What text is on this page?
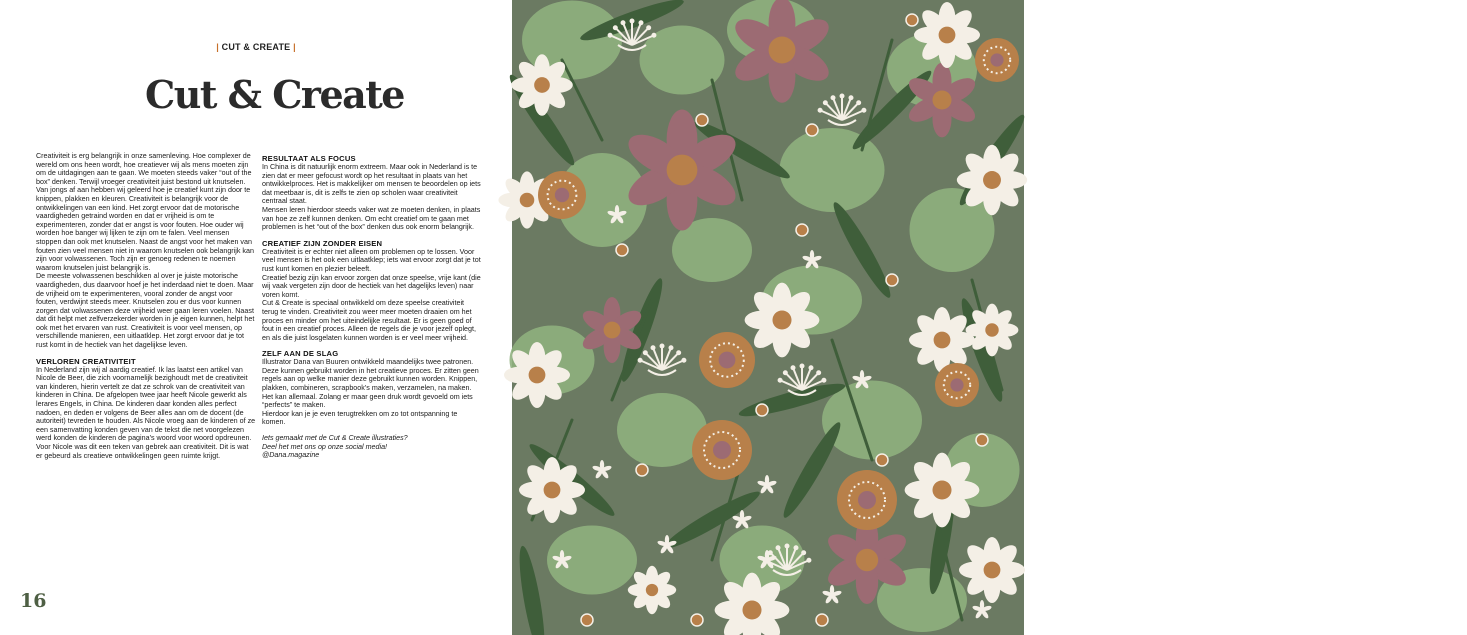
| CUT & CREATE |
Cut & Create

Creativiteit is erg belangrijk in onze samenleving. Hoe complexer de wereld om ons heen wordt, hoe creatiever wij als mens moeten zijn om de uitdagingen aan te gaan. We moeten steeds vaker “out of the box” denken. Terwijl vroeger creativiteit juist bestond uit knutselen.

Van jongs af aan hebben wij geleerd hoe je creatief kunt zijn door te knippen, plakken en kleuren. Creativiteit is belangrijk voor de ontwikkelingen van een kind. Het zorgt ervoor dat de motorische vaardigheden getraind worden en dat er vrijheid is om te experimenteren, zonder dat er angst is voor fouten. Hoe ouder wij worden hoe banger wij lijken te zijn om te falen. Veel mensen stoppen dan ook met knutselen. Naast de angst voor het maken van fouten zien veel mensen niet in waarom knutselen ook belangrijk kan zijn voor volwassenen. Toch zijn er genoeg redenen te noemen waarom knutselen juist belangrijk is.

De meeste volwassenen beschikken al over je juiste motorische vaardigheden, dus daarvoor hoef je het inderdaad niet te doen. Maar de vrijheid om te experimenteren, vooral zonder de angst voor fouten, verdwijnt steeds meer. Knutselen zou er dus voor kunnen zorgen dat volwassenen deze vrijheid weer gaan leren voelen. Naast dat dit helpt met zelfverzekerder worden in je eigen kunnen, helpt het ook met het ervaren van rust. Creativiteit is voor veel mensen, op verschillende manieren, een uitlaatklep. Het zorgt ervoor dat je tot rust komt in de hectiek van het dagelijkse leven.

VERLOREN CREATIVITEIT

In Nederland zijn wij al aardig creatief. Ik las laatst een artikel van Nicole de Beer, die zich voornamelijk bezighoudt met de creativiteit van kinderen, hierin vertelt ze dat ze schrok van de creativiteit van kinderen in China. De afgelopen twee jaar heeft Nicole gewerkt als lerares Engels, in China. De kinderen daar konden alles perfect nadoen, en deden er volgens de Beer alles aan om de docent (de autoriteit) tevreden te houden. Als Nicole vroeg aan de kinderen of ze een samenvatting konden geven van de tekst die net voorgelezen werd konden de kinderen de pagina’s woord voor woord opdreunen.

Voor Nicole was dit een teken van gebrek aan creativiteit. Dit is wat er gebeurd als creatieve ontwikkelingen geen ruimte krijgt.

RESULTAAT ALS FOCUS

In China is dit natuurlijk enorm extreem. Maar ook in Nederland is te zien dat er meer gefocust wordt op het resultaat in plaats van het ontwikkelproces. Het is makkelijker om mensen te beoordelen op iets dat meetbaar is, dit is zelfs te zien op scholen waar creativiteit centraal staat.

Mensen leren hierdoor steeds vaker wat ze moeten denken, in plaats van hoe ze zelf kunnen denken. Om echt creatief om te gaan met problemen is het “out of the box” denken dus ook enorm belangrijk.

CREATIEF ZIJN ZONDER EISEN

Creativiteit is er echter niet alleen om problemen op te lossen. Voor veel mensen is het ook een uitlaatklep; iets wat ervoor zorgt dat je tot rust kunt komen en plezier beleeft.

Creatief bezig zijn kan ervoor zorgen dat onze speelse, vrije kant (die wij vaak vergeten zijn door de hectiek van het dagelijks leven) naar voren komt.

Cut & Create is speciaal ontwikkeld om deze speelse creativiteit terug te vinden. Creativiteit zou weer meer moeten draaien om het proces en minder om het uiteindelijke resultaat. Er is geen goed of fout in een creatief proces. Alleen de regels die je voor jezelf oplegt, en als die juist losgelaten kunnen worden is er veel meer vrijheid.

ZELF AAN DE SLAG

Illustrator Dana van Buuren ontwikkeld maandelijks twee patronen. Deze kunnen gebruikt worden in het creatieve proces. Er zitten geen regels aan op welke manier deze gebruikt kunnen worden. Knippen, plakken, combineren, scrapbook’s maken, verzamelen, na maken. Het kan allemaal. Zolang er maar geen druk wordt gevoeld om iets “perfects” te maken.

Hierdoor kan je je even terugtrekken om zo tot ontspanning te komen.

Iets gemaakt met de Cut & Create illustraties?

Deel het met ons op onze social media!

@Dana.magazine

16
Dana
